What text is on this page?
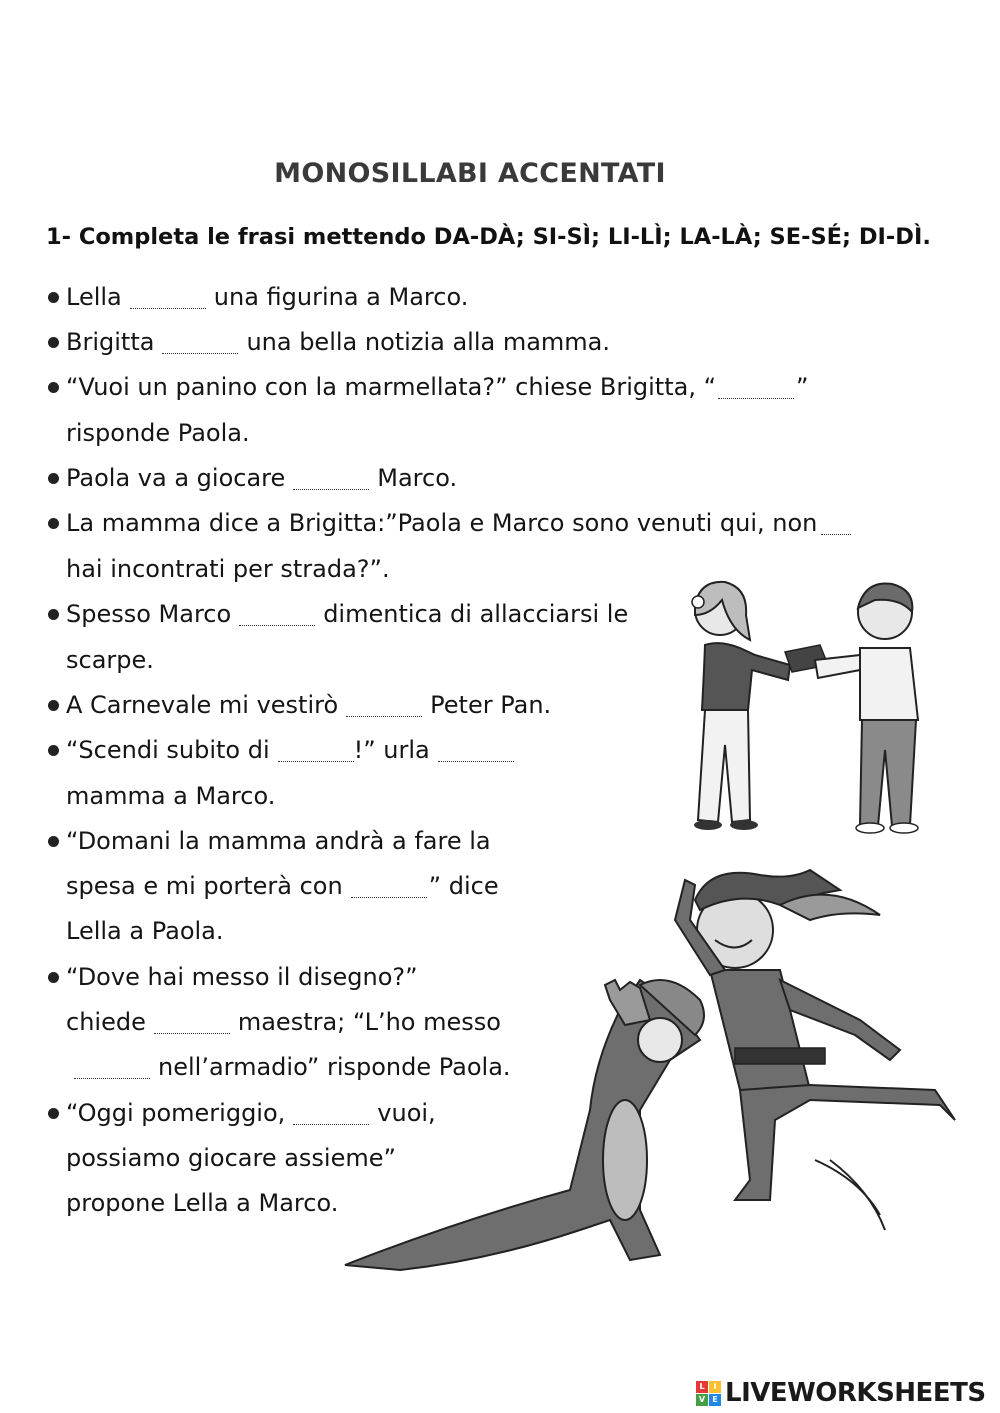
MONOSILLABI ACCENTATI
1- Completa le frasi mettendo DA-DÀ; SI-SÌ; LI-LÌ; LA-LÀ; SE-SÉ; DI-DÌ.
Lella	una figurina a Marco.
Brigitta	una bella notizia alla mamma.
“Vuoi un panino con la marmellata?” chiese Brigitta, “	”
risponde Paola.
Paola va a giocare	Marco.
La mamma dice a Brigitta:”Paola e Marco sono venuti qui, non
hai incontrati per strada?”.
Spesso Marco	dimentica di allacciarsi le
scarpe.
A Carnevale mi vestirò	Peter Pan.
“Scendi subito di	!” urla
mamma a Marco.
“Domani la mamma andrà a fare la
spesa e mi porterà con	” dice
Lella a Paola.
“Dove hai messo il disegno?”
chiede	maestra; “L’ho messo
nell’armadio” risponde Paola.
“Oggi pomeriggio,	vuoi,
possiamo giocare assieme”
propone Lella a Marco.
L	I
V E LIVEWORKSHEETS
